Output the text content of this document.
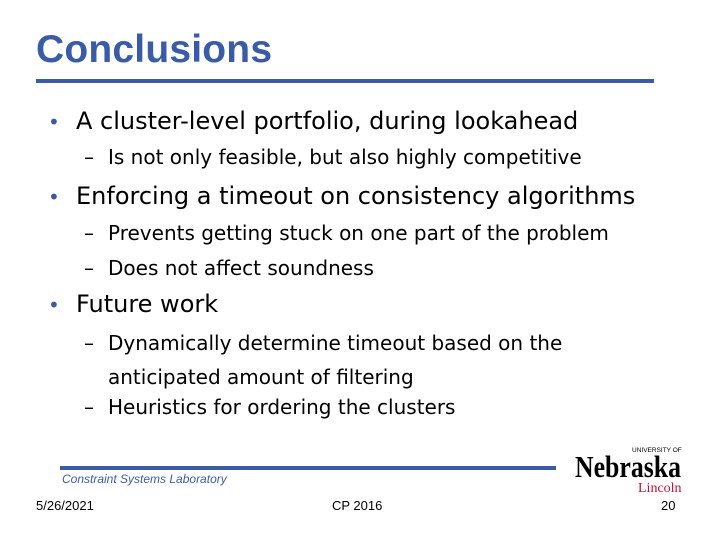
Conclusions
• A cluster-level portfolio, during lookahead
– Is not only feasible, but also highly competitive
• Enforcing a timeout on consistency algorithms
– Prevents getting stuck on one part of the problem
– Does not affect soundness
• Future work
– Dynamically determine timeout based on the anticipated amount of filtering
– Heuristics for ordering the clusters
Constraint Systems Laboratory
5/26/2021	CP 2016	20
UNIVERSITY OF
Nebraska
Lincoln
